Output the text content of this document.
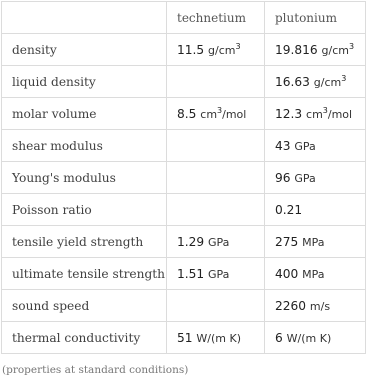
	technetium	plutonium
density	11.5 $g/cm^3$	19.816 $g/cm^3$
liquid density		16.63 $g/cm^3$
molar volume	8.5 $cm^3$/mol	12.3 $cm^3$/mol
shear modulus		43 GPa
Young's modulus		96 GPa
Poisson ratio		0.21
tensile yield strength	1.29 GPa	275 MPa
ultimate tensile strength	1.51 GPa	400 MPa
sound speed		2260 m/s
thermal conductivity	51 W/(m K)	6 W/(m K)
(properties at standard conditions)
